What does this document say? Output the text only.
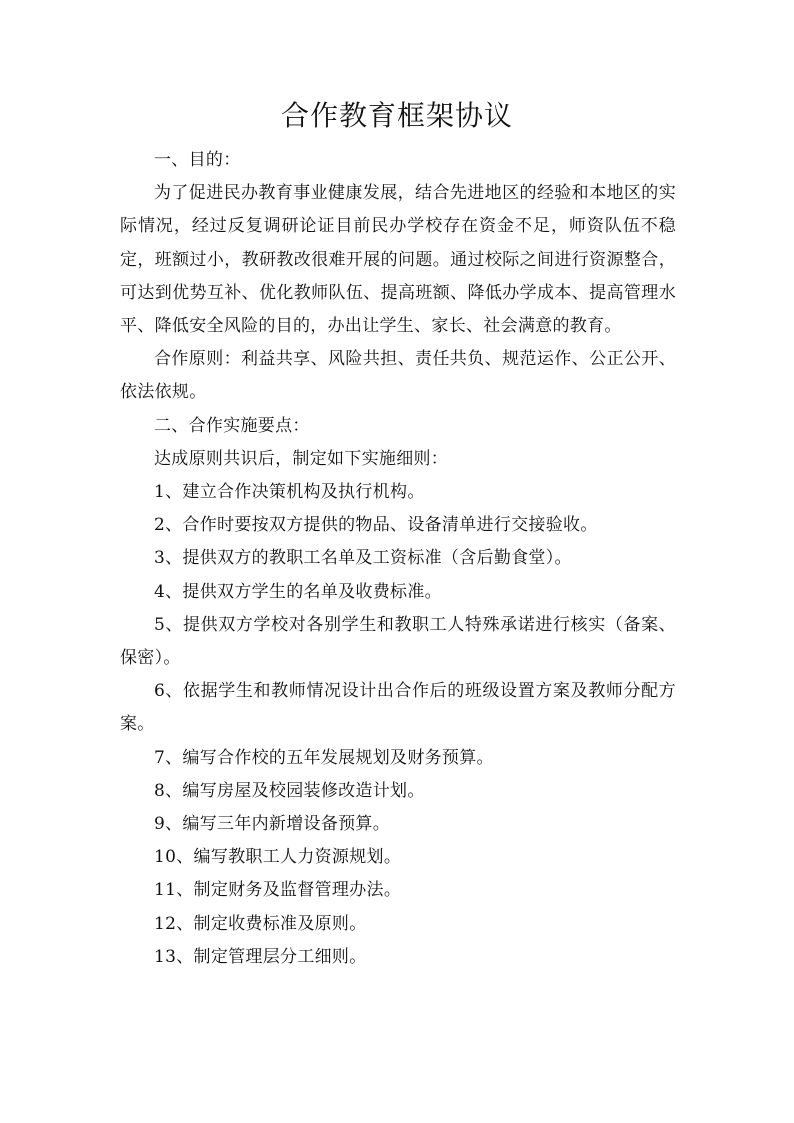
合作教育框架协议

一、目的：

为了促进民办教育事业健康发展，结合先进地区的经验和本地区的实际情况，经过反复调研论证目前民办学校存在资金不足，师资队伍不稳定，班额过小，教研教改很难开展的问题。通过校际之间进行资源整合，可达到优势互补、优化教师队伍、提高班额、降低办学成本、提高管理水平、降低安全风险的目的，办出让学生、家长、社会满意的教育。

合作原则：利益共享、风险共担、责任共负、规范运作、公正公开、依法依规。

二、合作实施要点：

达成原则共识后，制定如下实施细则：

1、建立合作决策机构及执行机构。

2、合作时要按双方提供的物品、设备清单进行交接验收。

3、提供双方的教职工名单及工资标准（含后勤食堂）。

4、提供双方学生的名单及收费标准。

5、提供双方学校对各别学生和教职工人特殊承诺进行核实（备案、保密）。

6、依据学生和教师情况设计出合作后的班级设置方案及教师分配方案。

7、编写合作校的五年发展规划及财务预算。

8、编写房屋及校园装修改造计划。

9、编写三年内新增设备预算。

10、编写教职工人力资源规划。

11、制定财务及监督管理办法。

12、制定收费标准及原则。

13、制定管理层分工细则。
